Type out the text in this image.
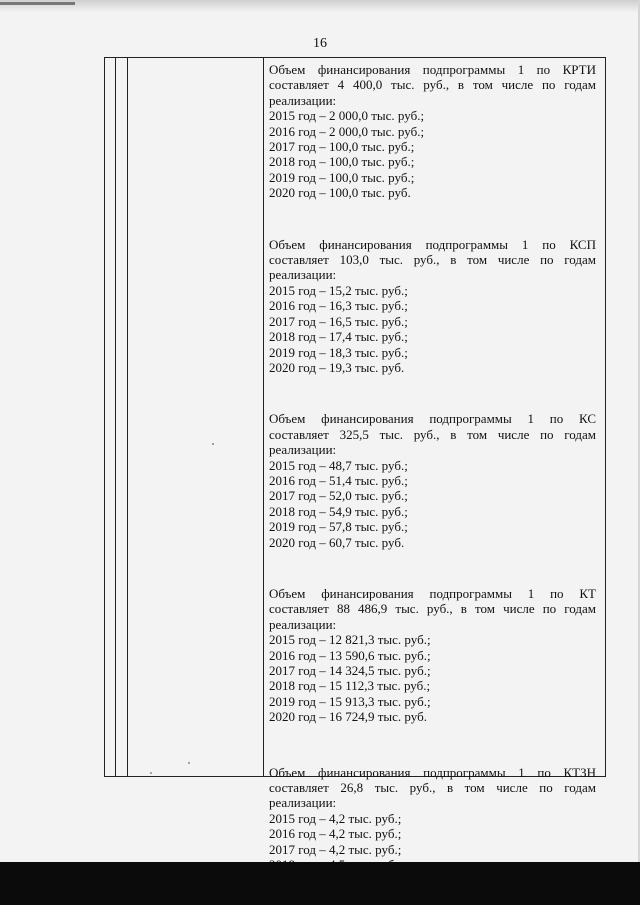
16

Объем финансирования подпрограммы 1 по КРТИ составляет 4 400,0 тыс. руб., в том числе по годам реализации:

2015 год – 2 000,0 тыс. руб.;

2016 год – 2 000,0 тыс. руб.;

2017 год – 100,0 тыс. руб.;

2018 год – 100,0 тыс. руб.;

2019 год – 100,0 тыс. руб.;

2020 год – 100,0 тыс. руб.

Объем финансирования подпрограммы 1 по КСП составляет 103,0 тыс. руб., в том числе по годам реализации:

2015 год – 15,2 тыс. руб.;

2016 год – 16,3 тыс. руб.;

2017 год – 16,5 тыс. руб.;

2018 год – 17,4 тыс. руб.;

2019 год – 18,3 тыс. руб.;

2020 год – 19,3 тыс. руб.

Объем финансирования подпрограммы 1 по КС составляет 325,5 тыс. руб., в том числе по годам реализации:

2015 год – 48,7 тыс. руб.;

2016 год – 51,4 тыс. руб.;

2017 год – 52,0 тыс. руб.;

2018 год – 54,9 тыс. руб.;

2019 год – 57,8 тыс. руб.;

2020 год – 60,7 тыс. руб.

Объем финансирования подпрограммы 1 по КТ составляет 88 486,9 тыс. руб., в том числе по годам реализации:

2015 год – 12 821,3 тыс. руб.;

2016 год – 13 590,6 тыс. руб.;

2017 год – 14 324,5 тыс. руб.;

2018 год – 15 112,3 тыс. руб.;

2019 год – 15 913,3 тыс. руб.;

2020 год – 16 724,9 тыс. руб.

Объем финансирования подпрограммы 1 по КТЗН составляет 26,8 тыс. руб., в том числе по годам реализации:

2015 год – 4,2 тыс. руб.;

2016 год – 4,2 тыс. руб.;

2017 год – 4,2 тыс. руб.;
